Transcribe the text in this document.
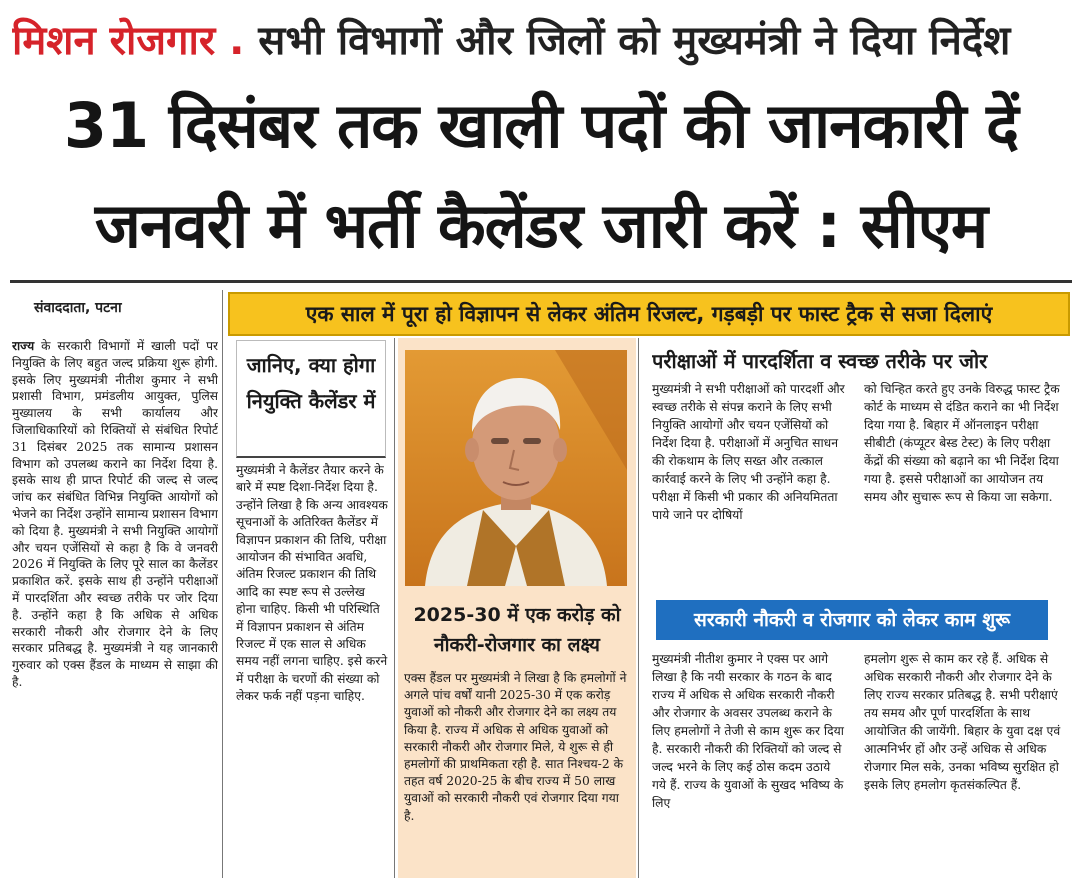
मिशन रोजगार . सभी विभागों और जिलों को मुख्यमंत्री ने दिया निर्देश
31 दिसंबर तक खाली पदों की जानकारी दें
जनवरी में भर्ती कैलेंडर जारी करें : सीएम
संवाददाता, पटना	एक साल में पूरा हो विज्ञापन से लेकर अंतिम रिजल्ट, गड़बड़ी पर फास्ट ट्रैक से सजा दिलाएं
राज्य के सरकारी विभागों में खाली पदों पर नियुक्ति के लिए बहुत जल्द प्रक्रिया शुरू होगी. इसके लिए मुख्यमंत्री नीतीश कुमार ने सभी प्रशासी विभाग, प्रमंडलीय आयुक्त, पुलिस मुख्यालय के सभी कार्यालय और जिलाधिकारियों को रिक्तियों से संबंधित रिपोर्ट 31 दिसंबर 2025 तक सामान्य प्रशासन विभाग को उपलब्ध कराने का निर्देश दिया है. इसके साथ ही प्राप्त रिपोर्ट की जल्द से जल्द जांच कर संबंधित विभिन्न नियुक्ति आयोगों को भेजने का निर्देश उन्होंने सामान्य प्रशासन विभाग को दिया है. मुख्यमंत्री ने सभी नियुक्ति आयोगों और चयन एजेंसियों से कहा है कि वे जनवरी 2026 में नियुक्ति के लिए पूरे साल का कैलेंडर प्रकाशित करें. इसके साथ ही उन्होंने परीक्षाओं में पारदर्शिता और स्वच्छ तरीके पर जोर दिया है. उन्होंने कहा है कि अधिक से अधिक सरकारी नौकरी और रोजगार देने के लिए सरकार प्रतिबद्ध है. मुख्यमंत्री ने यह जानकारी गुरुवार को एक्स हैंडल के माध्यम से साझा की है.
जानिए, क्या होगा नियुक्ति कैलेंडर में
मुख्यमंत्री ने कैलेंडर तैयार करने के बारे में स्पष्ट दिशा-निर्देश दिया है. उन्होंने लिखा है कि अन्य आवश्यक सूचनाओं के अतिरिक्त कैलेंडर में विज्ञापन प्रकाशन की तिथि, परीक्षा आयोजन की संभावित अवधि, अंतिम रिजल्ट प्रकाशन की तिथि आदि का स्पष्ट रूप से उल्लेख होना चाहिए. किसी भी परिस्थिति में विज्ञापन प्रकाशन से अंतिम रिजल्ट में एक साल से अधिक समय नहीं लगना चाहिए. इसे करने में परीक्षा के चरणों की संख्या को लेकर फर्क नहीं पड़ना चाहिए.
2025-30 में एक करोड़ को नौकरी-रोजगार का लक्ष्य
एक्स हैंडल पर मुख्यमंत्री ने लिखा है कि हमलोगों ने अगले पांच वर्षों यानी 2025-30 में एक करोड़ युवाओं को नौकरी और रोजगार देने का लक्ष्य तय किया है. राज्य में अधिक से अधिक युवाओं को सरकारी नौकरी और रोजगार मिले, ये शुरू से ही हमलोगों की प्राथमिकता रही है. सात निश्चय-2 के तहत वर्ष 2020-25 के बीच राज्य में 50 लाख युवाओं को सरकारी नौकरी एवं रोजगार दिया गया है.
परीक्षाओं में पारदर्शिता व स्वच्छ तरीके पर जोर
मुख्यमंत्री ने सभी परीक्षाओं को पारदर्शी और स्वच्छ तरीके से संपन्न कराने के लिए सभी नियुक्ति आयोगों और चयन एजेंसियों को निर्देश दिया है. परीक्षाओं में अनुचित साधन की रोकथाम के लिए सख्त और तत्काल कार्रवाई करने के लिए भी उन्होंने कहा है. परीक्षा में किसी भी प्रकार की अनियमितता पाये जाने पर दोषियों
को चिन्हित करते हुए उनके विरुद्ध फास्ट ट्रैक कोर्ट के माध्यम से दंडित कराने का भी निर्देश दिया गया है. बिहार में ऑनलाइन परीक्षा सीबीटी (कंप्यूटर बेस्ड टेस्ट) के लिए परीक्षा केंद्रों की संख्या को बढ़ाने का भी निर्देश दिया गया है. इससे परीक्षाओं का आयोजन तय समय और सुचारू रूप से किया जा सकेगा.
सरकारी नौकरी व रोजगार को लेकर काम शुरू
मुख्यमंत्री नीतीश कुमार ने एक्स पर आगे लिखा है कि नयी सरकार के गठन के बाद राज्य में अधिक से अधिक सरकारी नौकरी और रोजगार के अवसर उपलब्ध कराने के लिए हमलोगों ने तेजी से काम शुरू कर दिया है. सरकारी नौकरी की रिक्तियों को जल्द से जल्द भरने के लिए कई ठोस कदम उठाये गये हैं. राज्य के युवाओं के सुखद भविष्य के लिए
हमलोग शुरू से काम कर रहे हैं. अधिक से अधिक सरकारी नौकरी और रोजगार देने के लिए राज्य सरकार प्रतिबद्ध है. सभी परीक्षाएं तय समय और पूर्ण पारदर्शिता के साथ आयोजित की जायेंगी. बिहार के युवा दक्ष एवं आत्मनिर्भर हों और उन्हें अधिक से अधिक रोजगार मिल सके, उनका भविष्य सुरक्षित हो इसके लिए हमलोग कृतसंकल्पित हैं.
